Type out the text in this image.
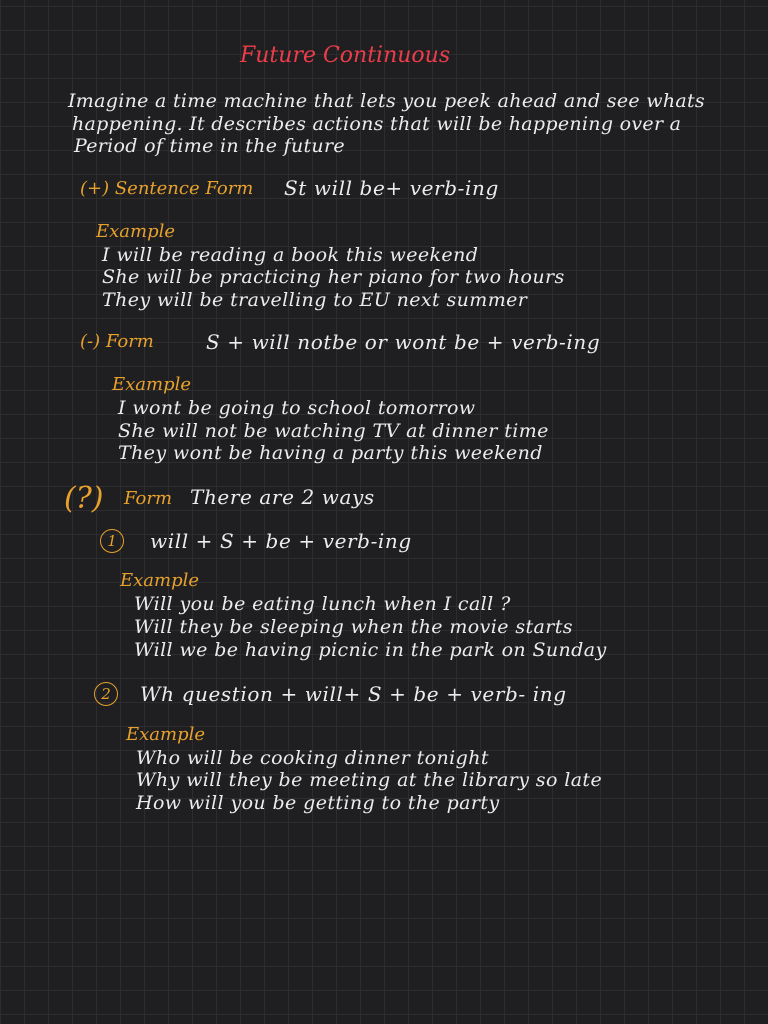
Future Continuous
Imagine a time machine that lets you peek ahead and see whats
happening. It describes actions that will be happening over a
Period of time in the future
(+) Sentence Form St will be+ verb-ing
Example
I will be reading a book this weekend
She will be practicing her piano for two hours
They will be travelling to EU next summer
(-) Form	S + will notbe or wont be + verb-ing
Example
I wont be going to school tomorrow
She will not be watching TV at dinner time
They wont be having a party this weekend
(?) Form There are 2 ways
1	will + S + be + verb-ing
Example
Will you be eating lunch when I call ?
Will they be sleeping when the movie starts
Will we be having picnic in the park on Sunday
2	Wh question + will+ S + be + verb- ing
Example
Who will be cooking dinner tonight
Why will they be meeting at the library so late
How will you be getting to the party
